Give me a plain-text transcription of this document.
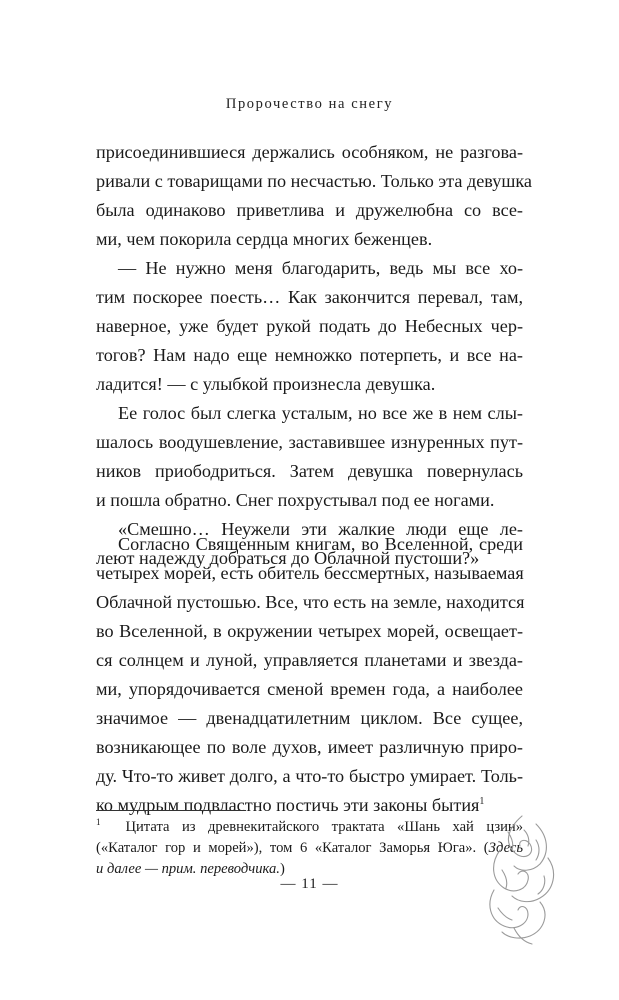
Пророчество на снегу
присоединившиеся держались особняком, не разгова-
ривали с товарищами по несчастью. Только эта девушка
была одинаково приветлива и дружелюбна со все-
ми, чем покорила сердца многих беженцев.
— Не нужно меня благодарить, ведь мы все хо-
тим поскорее поесть… Как закончится перевал, там,
наверное, уже будет рукой подать до Небесных чер-
тогов? Нам надо еще немножко потерпеть, и все на-
ладится! — с улыбкой произнесла девушка.
Ее голос был слегка усталым, но все же в нем слы-
шалось воодушевление, заставившее изнуренных пут-
ников приободриться. Затем девушка повернулась
и пошла обратно. Снег похрустывал под ее ногами.
«Смешно… Неужели эти жалкие люди еще ле-
леют надежду добраться до Облачной пустоши?»
Согласно Священным книгам, во Вселенной, среди
четырех морей, есть обитель бессмертных, называемая
Облачной пустошью. Все, что есть на земле, находится
во Вселенной, в окружении четырех морей, освещает-
ся солнцем и луной, управляется планетами и звезда-
ми, упорядочивается сменой времен года, а наиболее
значимое — двенадцатилетним циклом. Все сущее,
возникающее по воле духов, имеет различную приро-
ду. Что-то живет долго, а что-то быстро умирает. Толь-
ко мудрым подвластно постичь эти законы бытия$^1$
$^1$ Цитата из древнекитайского трактата «Шань хай цзин»
(«Каталог гор и морей»), том 6 «Каталог Заморья Юга». (Здесь
и далее — прим. переводчика.)
— 11 —
